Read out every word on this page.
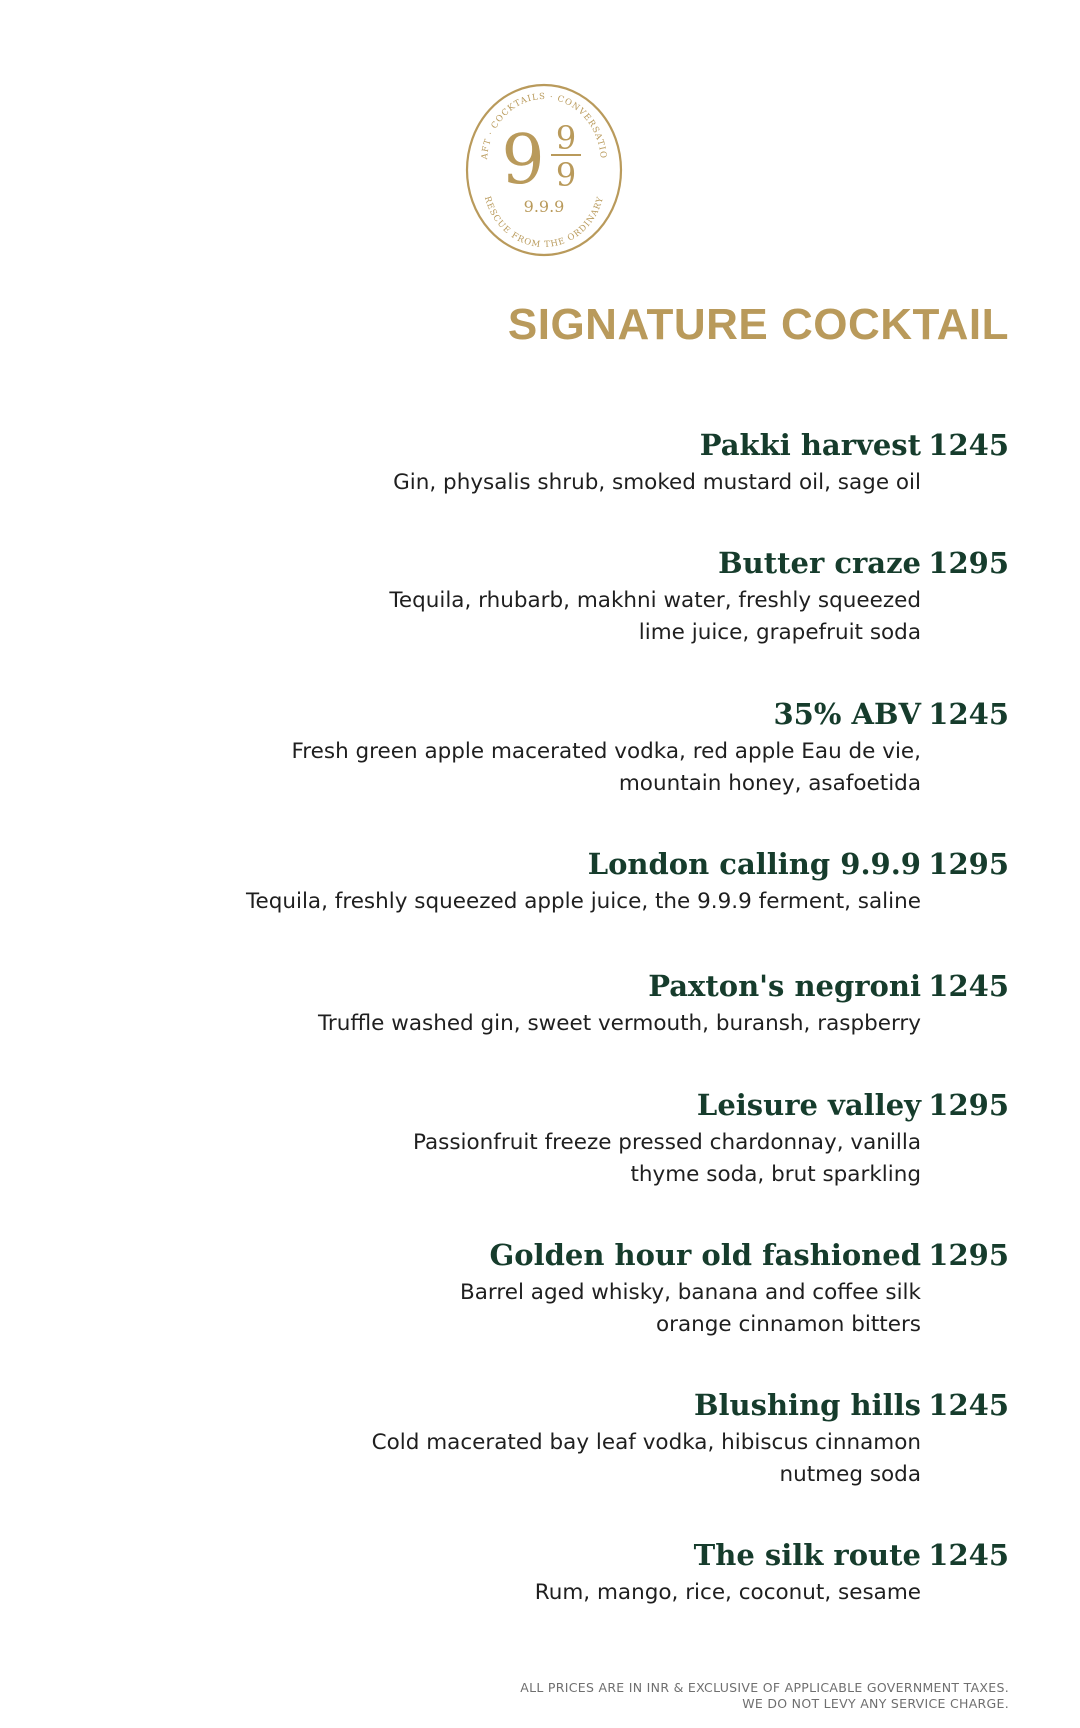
AFT · COCKTAILS · CONVERSATIO
RESCUE FROM THE ORDINARY
9 9
9
9.9.9
SIGNATURE COCKTAIL
Pakki harvest 1245
Gin, physalis shrub, smoked mustard oil, sage oil
Butter craze 1295
Tequila, rhubarb, makhni water, freshly squeezed
lime juice, grapefruit soda
35% ABV 1245
Fresh green apple macerated vodka, red apple Eau de vie,
mountain honey, asafoetida
London calling 9.9.9 1295
Tequila, freshly squeezed apple juice, the 9.9.9 ferment, saline
Paxton's negroni 1245
Truffle washed gin, sweet vermouth, buransh, raspberry
Leisure valley 1295
Passionfruit freeze pressed chardonnay, vanilla
thyme soda, brut sparkling
Golden hour old fashioned 1295
Barrel aged whisky, banana and coffee silk
orange cinnamon bitters
Blushing hills 1245
Cold macerated bay leaf vodka, hibiscus cinnamon
nutmeg soda
The silk route 1245
Rum, mango, rice, coconut, sesame
ALL PRICES ARE IN INR & EXCLUSIVE OF APPLICABLE GOVERNMENT TAXES.
WE DO NOT LEVY ANY SERVICE CHARGE.
